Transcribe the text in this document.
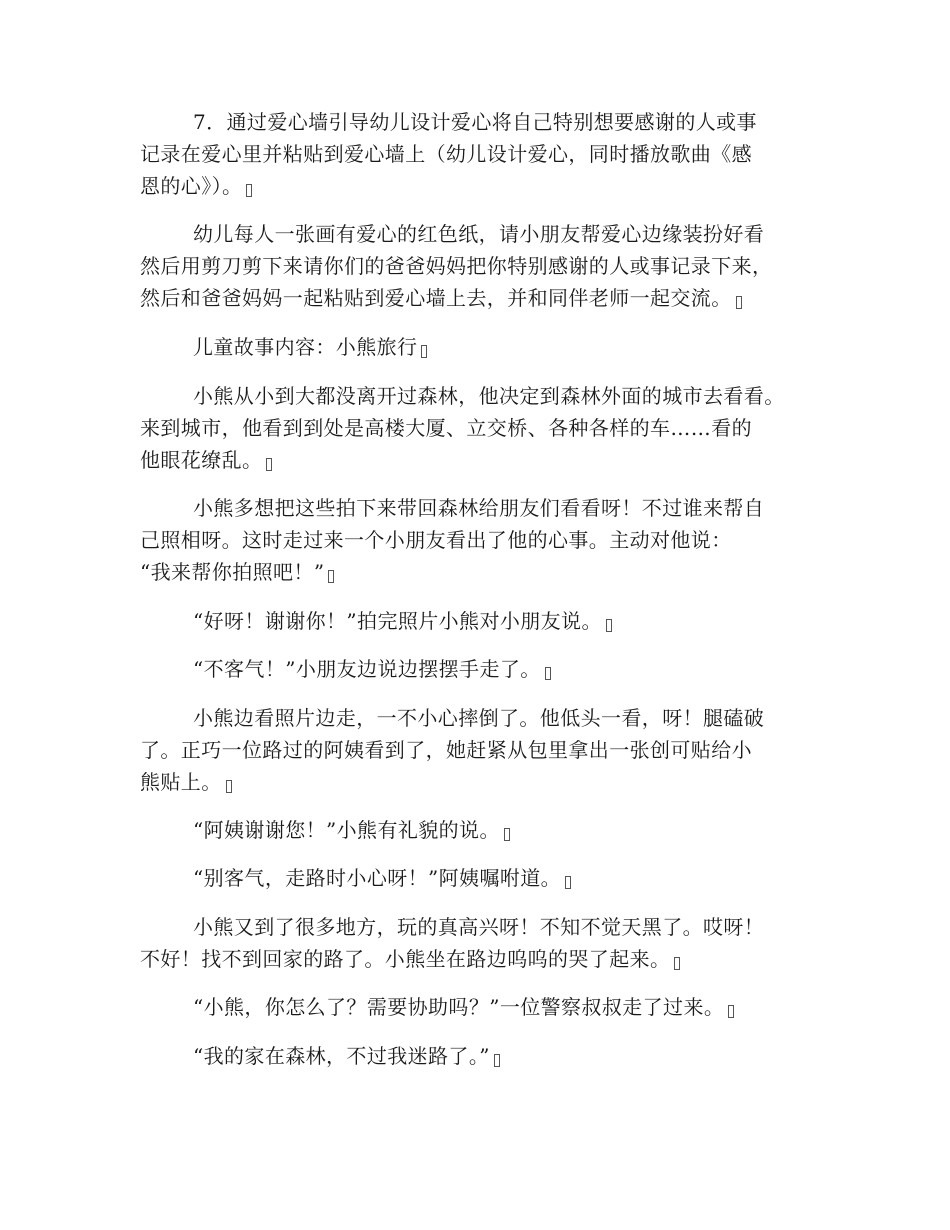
7．通过爱心墙引导幼儿设计爱心将自己特别想要感谢的人或事
记录在爱心里并粘贴到爱心墙上（幼儿设计爱心，同时播放歌曲《感
恩的心》）。
幼儿每人一张画有爱心的红色纸，请小朋友帮爱心边缘装扮好看
然后用剪刀剪下来请你们的爸爸妈妈把你特别感谢的人或事记录下来，
然后和爸爸妈妈一起粘贴到爱心墙上去，并和同伴老师一起交流。
儿童故事内容：小熊旅行
小熊从小到大都没离开过森林，他决定到森林外面的城市去看看。
来到城市，他看到到处是高楼大厦、立交桥、各种各样的车……看的
他眼花缭乱。
小熊多想把这些拍下来带回森林给朋友们看看呀！不过谁来帮自
己照相呀。这时走过来一个小朋友看出了他的心事。主动对他说：
“我来帮你拍照吧！”
“好呀！谢谢你！”拍完照片小熊对小朋友说。
“不客气！”小朋友边说边摆摆手走了。
小熊边看照片边走，一不小心摔倒了。他低头一看，呀！腿磕破
了。正巧一位路过的阿姨看到了，她赶紧从包里拿出一张创可贴给小
熊贴上。
“阿姨谢谢您！”小熊有礼貌的说。
“别客气，走路时小心呀！”阿姨嘱咐道。
小熊又到了很多地方，玩的真高兴呀！不知不觉天黑了。哎呀！
不好！找不到回家的路了。小熊坐在路边呜呜的哭了起来。
“小熊，你怎么了？需要协助吗？”一位警察叔叔走了过来。
“我的家在森林，不过我迷路了。”
